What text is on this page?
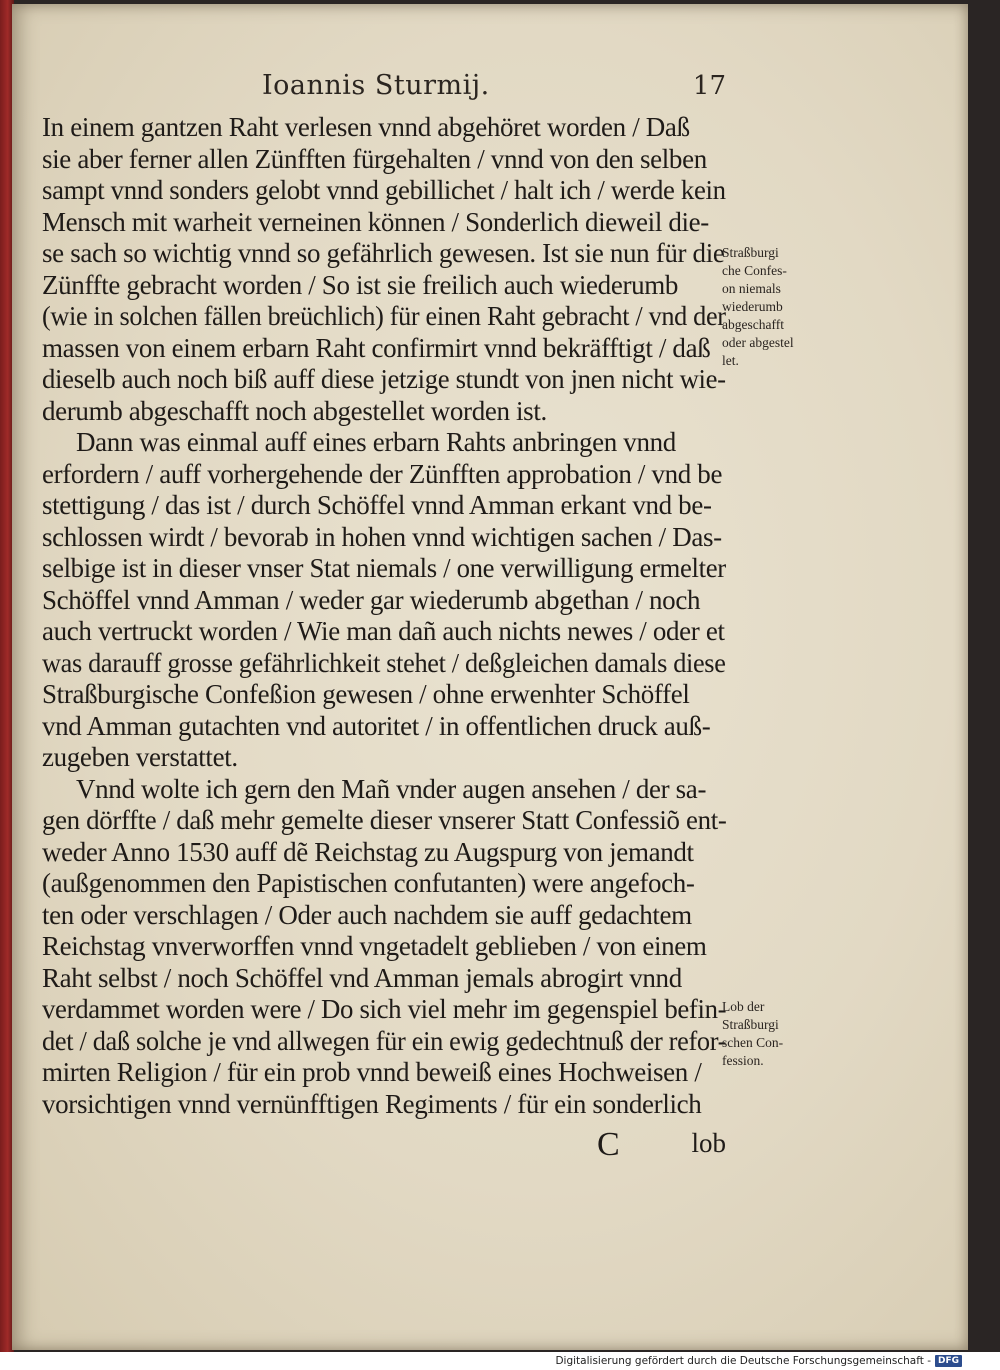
Ioannis Sturmij.	17
In einem gantzen Raht verlesen vnnd abgehöret worden / Daß
sie aber ferner allen Zünfften fürgehalten / vnnd von den selben
sampt vnnd sonders gelobt vnnd gebillichet / halt ich / werde kein
Mensch mit warheit verneinen können / Sonderlich dieweil die-
se sach so wichtig vnnd so gefährlich gewesen. Ist sie nun für die
Zünffte gebracht worden / So ist sie freilich auch wiederumb
(wie in solchen fällen breüchlich) für einen Raht gebracht / vnd der
massen von einem erbarn Raht confirmirt vnnd bekräfftigt / daß
dieselb auch noch biß auff diese jetzige stundt von jnen nicht wie-
derumb abgeschafft noch abgestellet worden ist.
Dann was einmal auff eines erbarn Rahts anbringen vnnd
erfordern / auff vorhergehende der Zünfften approbation / vnd be
stettigung / das ist / durch Schöffel vnnd Amman erkant vnd be-
schlossen wirdt / bevorab in hohen vnnd wichtigen sachen / Das-
selbige ist in dieser vnser Stat niemals / one verwilligung ermelter
Schöffel vnnd Amman / weder gar wiederumb abgethan / noch
auch vertruckt worden / Wie man dañ auch nichts newes / oder et
was darauff grosse gefährlichkeit stehet / deßgleichen damals diese
Straßburgische Confeßion gewesen / ohne erwenhter Schöffel
vnd Amman gutachten vnd autoritet / in offentlichen druck auß-
zugeben verstattet.
Vnnd wolte ich gern den Mañ vnder augen ansehen / der sa-
gen dörffte / daß mehr gemelte dieser vnserer Statt Confessiõ ent-
weder Anno 1530 auff dẽ Reichstag zu Augspurg von jemandt
(außgenommen den Papistischen confutanten) were angefoch-
ten oder verschlagen / Oder auch nachdem sie auff gedachtem
Reichstag vnverworffen vnnd vngetadelt geblieben / von einem
Raht selbst / noch Schöffel vnd Amman jemals abrogirt vnnd
verdammet worden were / Do sich viel mehr im gegenspiel befin-
det / daß solche je vnd allwegen für ein ewig gedechtnuß der refor-
mirten Religion / für ein prob vnnd beweiß eines Hochweisen /
vorsichtigen vnnd vernünfftigen Regiments / für ein sonderlich
C	lob
Straßburgi
che Confes-
on niemals
wiederumb
abgeschafft
oder abgestel
let.
Lob der
Straßburgi
schen Con-
fession.
Digitalisierung gefördert durch die Deutsche Forschungsgemeinschaft - DFG
